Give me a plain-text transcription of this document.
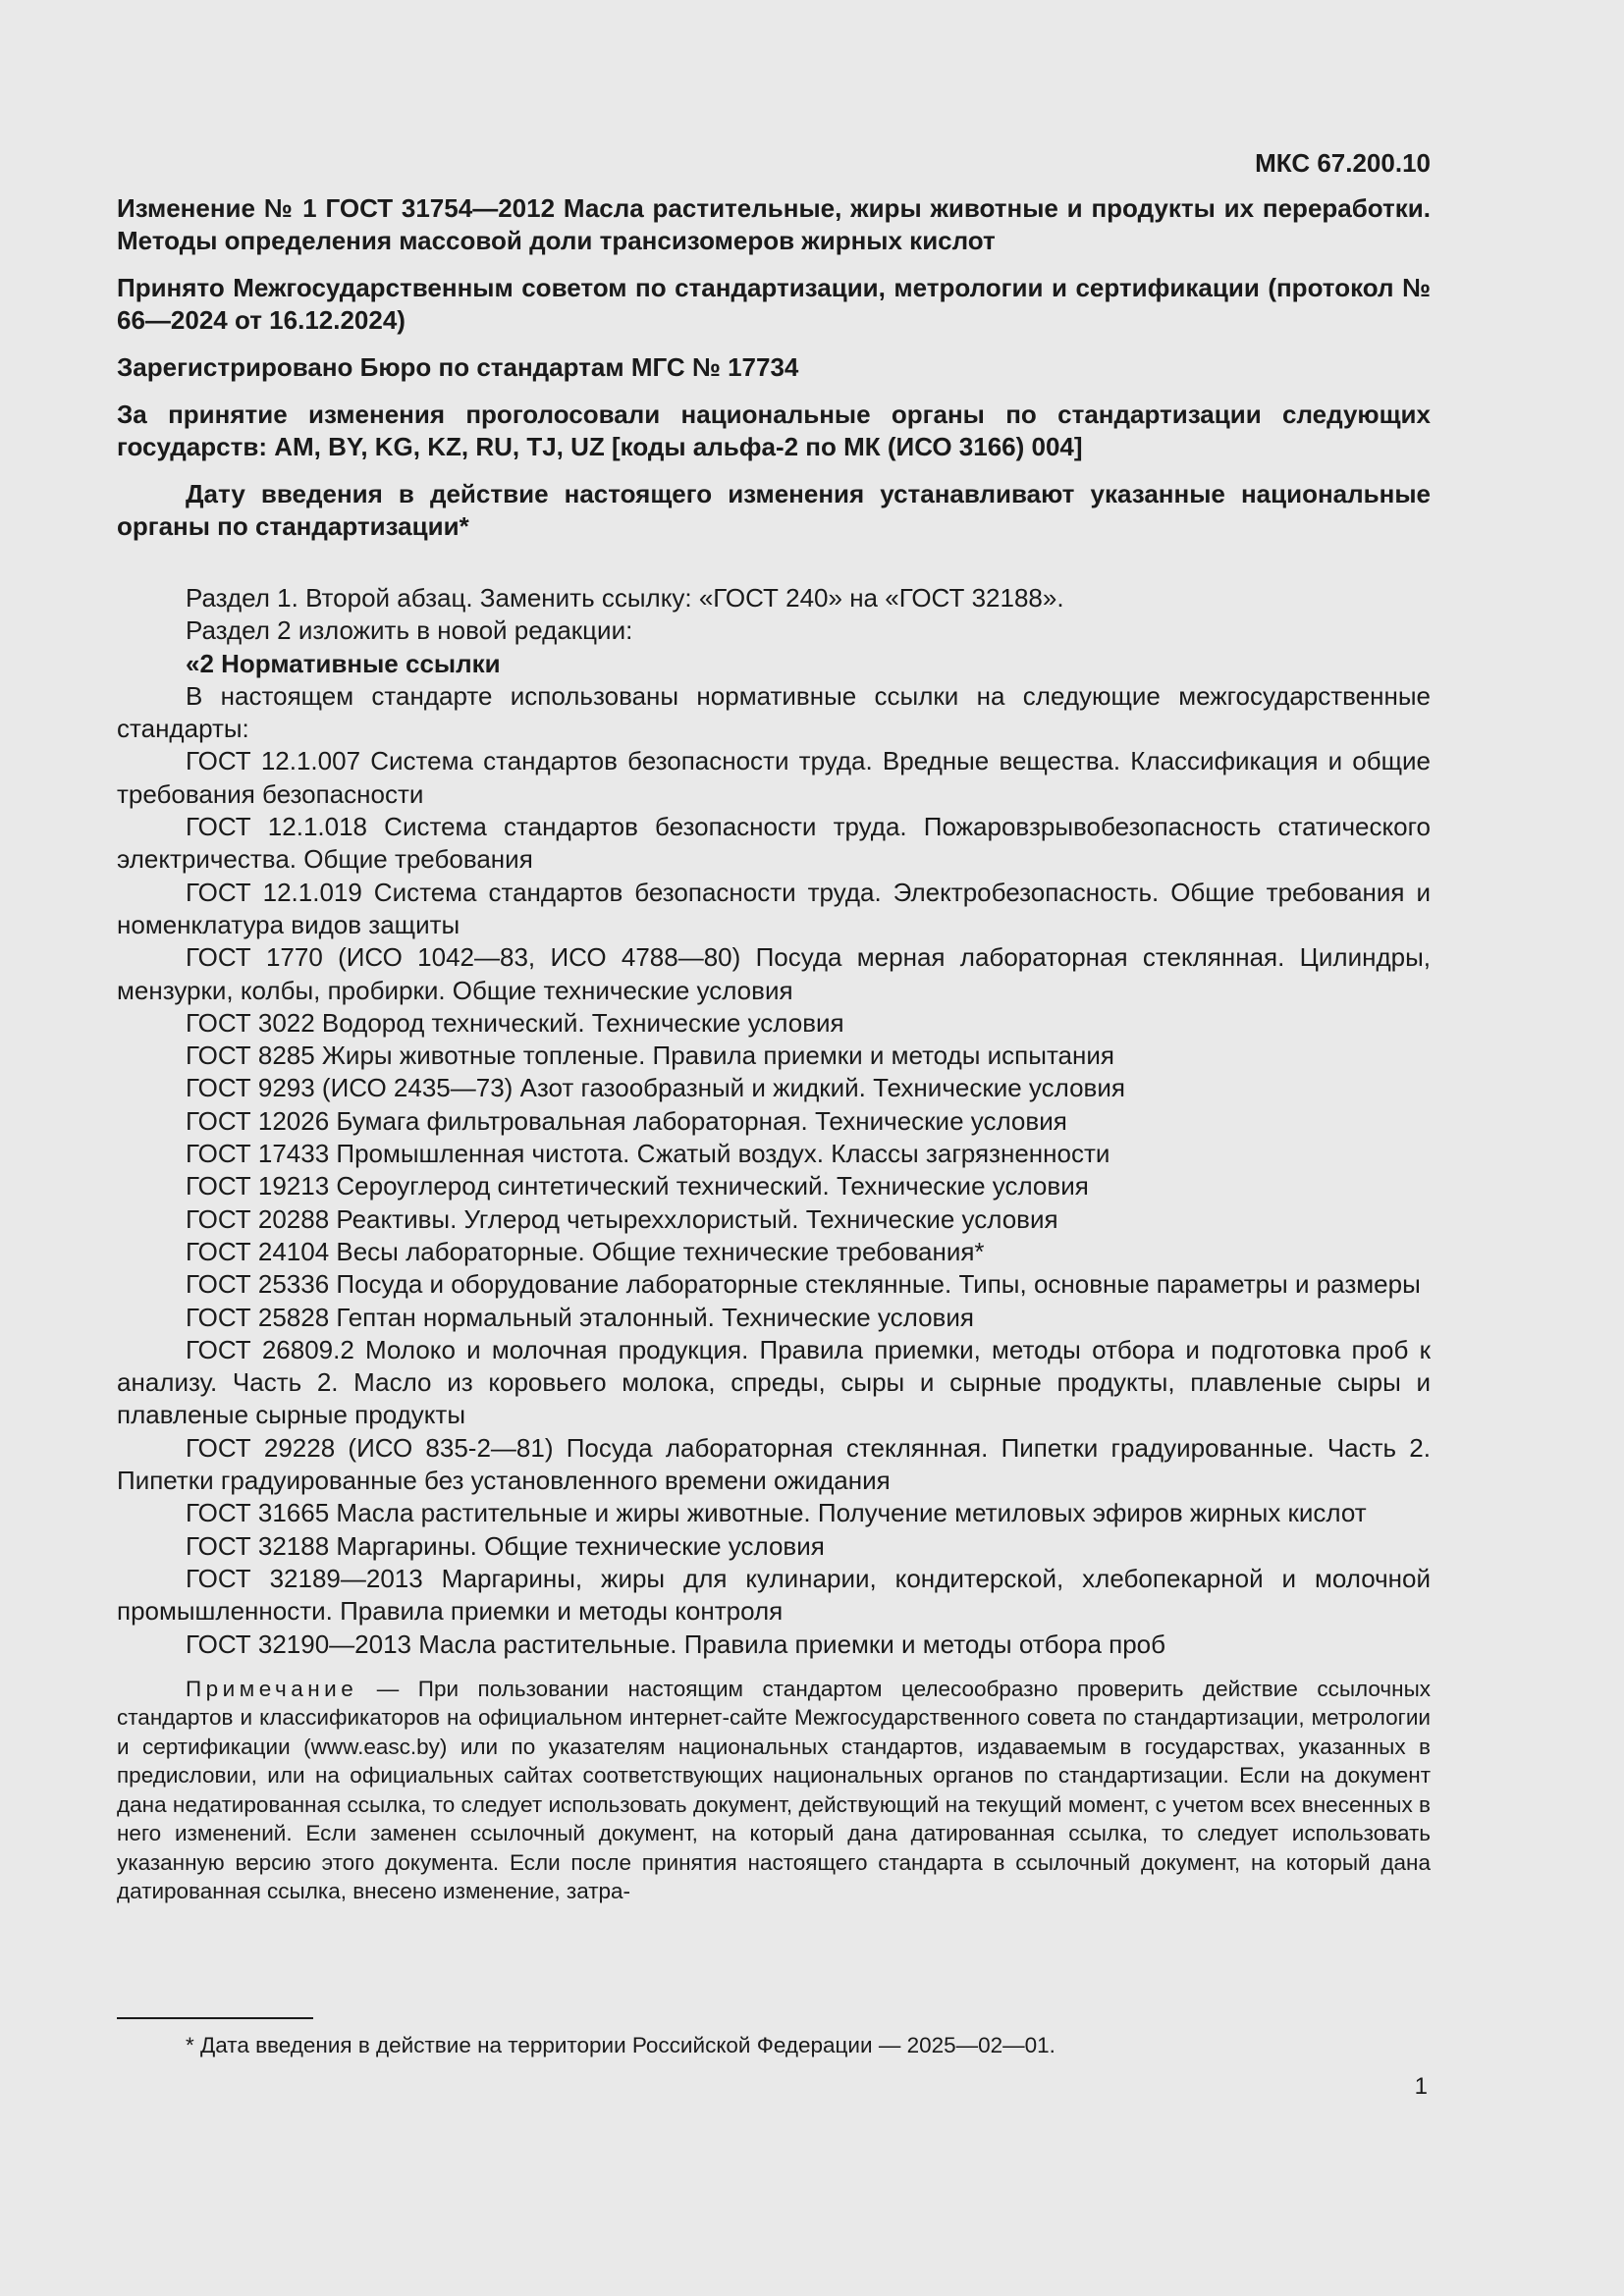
МКС 67.200.10

Изменение № 1 ГОСТ 31754—2012 Масла растительные, жиры животные и продукты их переработки. Методы определения массовой доли трансизомеров жирных кислот

Принято Межгосударственным советом по стандартизации, метрологии и сертификации (протокол № 66—2024 от 16.12.2024)

Зарегистрировано Бюро по стандартам МГС № 17734

За принятие изменения проголосовали национальные органы по стандартизации следующих государств: AM, BY, KG, KZ, RU, TJ, UZ [коды альфа-2 по МК (ИСО 3166) 004]

Дату введения в действие настоящего изменения устанавливают указанные национальные органы по стандартизации*

Раздел 1. Второй абзац. Заменить ссылку: «ГОСТ 240» на «ГОСТ 32188».

Раздел 2 изложить в новой редакции:

«2 Нормативные ссылки

В настоящем стандарте использованы нормативные ссылки на следующие межгосударственные стандарты:

ГОСТ 12.1.007 Система стандартов безопасности труда. Вредные вещества. Классификация и общие требования безопасности

ГОСТ 12.1.018 Система стандартов безопасности труда. Пожаровзрывобезопасность статического электричества. Общие требования

ГОСТ 12.1.019 Система стандартов безопасности труда. Электробезопасность. Общие требования и номенклатура видов защиты

ГОСТ 1770 (ИСО 1042—83, ИСО 4788—80) Посуда мерная лабораторная стеклянная. Цилиндры, мензурки, колбы, пробирки. Общие технические условия

ГОСТ 3022 Водород технический. Технические условия

ГОСТ 8285 Жиры животные топленые. Правила приемки и методы испытания

ГОСТ 9293 (ИСО 2435—73) Азот газообразный и жидкий. Технические условия

ГОСТ 12026 Бумага фильтровальная лабораторная. Технические условия

ГОСТ 17433 Промышленная чистота. Сжатый воздух. Классы загрязненности

ГОСТ 19213 Сероуглерод синтетический технический. Технические условия

ГОСТ 20288 Реактивы. Углерод четыреххлористый. Технические условия

ГОСТ 24104 Весы лабораторные. Общие технические требования*

ГОСТ 25336 Посуда и оборудование лабораторные стеклянные. Типы, основные параметры и размеры

ГОСТ 25828 Гептан нормальный эталонный. Технические условия

ГОСТ 26809.2 Молоко и молочная продукция. Правила приемки, методы отбора и подготовка проб к анализу. Часть 2. Масло из коровьего молока, спреды, сыры и сырные продукты, плавленые сыры и плавленые сырные продукты

ГОСТ 29228 (ИСО 835-2—81) Посуда лабораторная стеклянная. Пипетки градуированные. Часть 2. Пипетки градуированные без установленного времени ожидания

ГОСТ 31665 Масла растительные и жиры животные. Получение метиловых эфиров жирных кислот

ГОСТ 32188 Маргарины. Общие технические условия

ГОСТ 32189—2013 Маргарины, жиры для кулинарии, кондитерской, хлебопекарной и молочной промышленности. Правила приемки и методы контроля

ГОСТ 32190—2013 Масла растительные. Правила приемки и методы отбора проб

Примечание — При пользовании настоящим стандартом целесообразно проверить действие ссылочных стандартов и классификаторов на официальном интернет-сайте Межгосударственного совета по стандартизации, метрологии и сертификации (www.easc.by) или по указателям национальных стандартов, издаваемым в государствах, указанных в предисловии, или на официальных сайтах соответствующих национальных органов по стандартизации. Если на документ дана недатированная ссылка, то следует использовать документ, действующий на текущий момент, с учетом всех внесенных в него изменений. Если заменен ссылочный документ, на который дана датированная ссылка, то следует использовать указанную версию этого документа. Если после принятия настоящего стандарта в ссылочный документ, на который дана датированная ссылка, внесено изменение, затра-

* Дата введения в действие на территории Российской Федерации — 2025—02—01.
1
